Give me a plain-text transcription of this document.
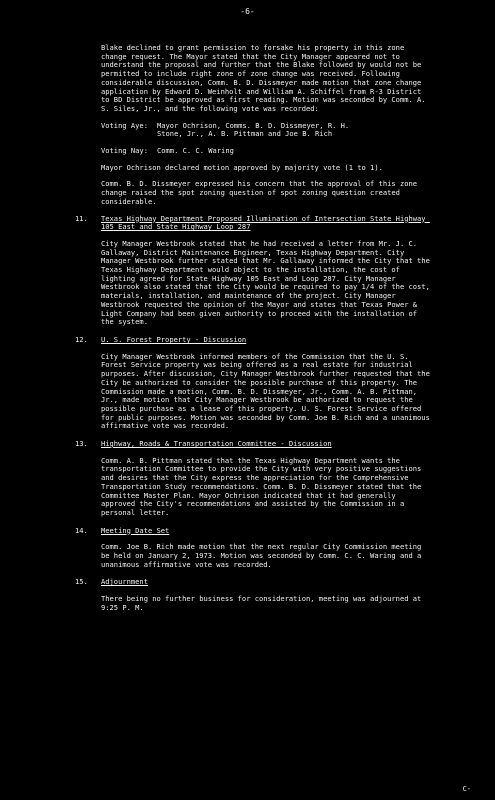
-6-

Blake declined to grant permission to forsake his property in this zone change request. The Mayor stated that the City Manager appeared not to understand the proposal and further that the Blake followed by would not be permitted to include right zone of zone change was received. Following considerable discussion, Comm. B. D. Dissmeyer made motion that zone change application by Edward D. Weinholt and William A. Schiffel from R-3 District to BD District be approved as first reading. Motion was seconded by Comm. A. S. Siles, Jr., and the following vote was recorded:

Voting Aye: Mayor Ochrison, Comms. B. D. Dissmeyer, R. H.
Stone, Jr., A. B. Pittman and Joe B. Rich

Voting Nay: Comm. C. C. Waring

Mayor Ochrison declared motion approved by majority vote (1 to 1).

Comm. B. D. Dissmeyer expressed his concern that the approval of this zone change raised the spot zoning question of spot zoning question created considerable.

11. Texas Highway Department Proposed Illumination of Intersection State Highway 105 East and State Highway Loop 287

City Manager Westbrook stated that he had received a letter from Mr. J. C. Gallaway, District Maintenance Engineer, Texas Highway Department. City Manager Westbrook further stated that Mr. Gallaway informed the City that the Texas Highway Department would object to the installation, the cost of lighting agreed for State Highway 105 East and Loop 287. City Manager Westbrook also stated that the City would be required to pay 1/4 of the cost, materials, installation, and maintenance of the project. City Manager Westbrook requested the opinion of the Mayor and states that Texas Power & Light Company had been given authority to proceed with the installation of the system.

12. U. S. Forest Property - Discussion

City Manager Westbrook informed members of the Commission that the U. S. Forest Service property was being offered as a real estate for industrial purposes. After discussion, City Manager Westbrook further requested that the City be authorized to consider the possible purchase of this property. The Commission made a motion, Comm. B. D. Dissmeyer, Jr., Comm. A. B. Pittman, Jr., made motion that City Manager Westbrook be authorized to request the possible purchase as a lease of this property. U. S. Forest Service offered for public purposes. Motion was seconded by Comm. Joe B. Rich and a unanimous affirmative vote was recorded.

13. Highway, Roads & Transportation Committee - Discussion

Comm. A. B. Pittman stated that the Texas Highway Department wants the transportation Committee to provide the City with very positive suggestions and desires that the City express the appreciation for the Comprehensive Transportation Study recommendations. Comm. B. D. Dissmeyer stated that the Committee Master Plan. Mayor Ochrison indicated that it had generally approved the City's recommendations and assisted by the Commission in a personal letter.

14. Meeting Date Set

Comm. Joe B. Rich made motion that the next regular City Commission meeting be held on January 2, 1973. Motion was seconded by Comm. C. C. Waring and a unanimous affirmative vote was recorded.

15. Adjournment

There being no further business for consideration, meeting was adjourned at 9:25 P. M.

C-
